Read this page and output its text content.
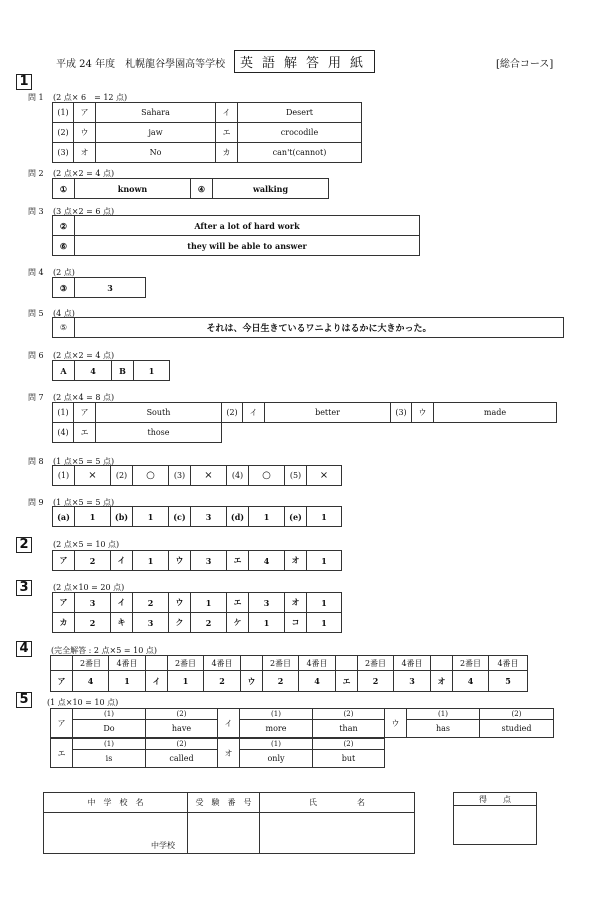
平成 24 年度　札幌龍谷學園高等学校	英語解答用紙	[総合コース]
1
問 1 (2 点× 6　= 12 点)
(1)	ア	Sahara	イ	Desert
(2)	ウ	jaw	エ	crocodile
(3)	オ	No	カ	can't(cannot)
問 2 (2 点×2 = 4 点)
①	known	④	walking
問 3 (3 点×2 = 6 点)
②	After a lot of hard work
⑥	they will be able to answer
問 4 (2 点)
③	3
問 5 (4 点)
⑤	それは、今日生きているワニよりはるかに大きかった。
問 6 (2 点×2 = 4 点)
A	4	B	1
問 7 (2 点×4 = 8 点)
(1)	ア	South	(2)	イ	better	(3)	ウ	made
(4)	エ	those
問 8 (1 点×5 = 5 点)
(1)	×	(2)	○	(3)	×	(4)	○	(5)	×
問 9 (1 点×5 = 5 点)
(a)	1	(b)	1	(c)	3	(d)	1	(e)	1
2	(2 点×5 = 10 点)
ア	2	イ	1	ウ	3	エ	4	オ	1
3	(2 点×10 = 20 点)
ア	3	イ	2	ウ	1	エ	3	オ	1
カ	2	キ	3	ク	2	ケ	1	コ	1
4	(完全解答 : 2 点×5 = 10 点)
	2番目	4番目		2番目	4番目		2番目	4番目		2番目	4番目		2番目	4番目
ア	4	1	イ	1	2	ウ	2	4	エ	2	3	オ	4	5
5	(1 点×10 = 10 点)
ア	(1)	(2)	イ	(1)	(2)	ウ	(1)	(2)
	Do	have		more	than		has	studied
エ	(1)	(2)	オ	(1)	(2)
	is	called		only	but
中　学　校　名	受　験　番　号	氏　　　　　名
中学校		
得　　点
